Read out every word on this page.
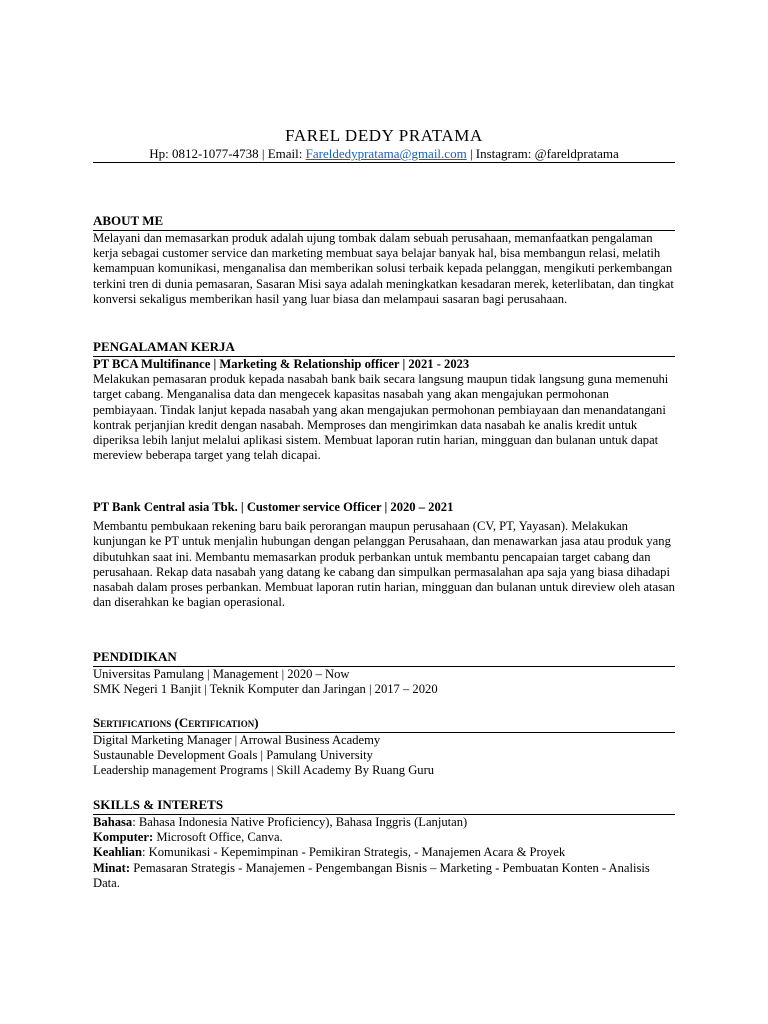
FAREL DEDY PRATAMA
Hp: 0812-1077-4738 | Email: Fareldedypratama@gmail.com | Instagram: @fareldpratama
ABOUT ME
Melayani dan memasarkan produk adalah ujung tombak dalam sebuah perusahaan, memanfaatkan pengalaman kerja sebagai customer service dan marketing membuat saya belajar banyak hal, bisa membangun relasi, melatih kemampuan komunikasi, menganalisa dan memberikan solusi terbaik kepada pelanggan, mengikuti perkembangan terkini tren di dunia pemasaran, Sasaran Misi saya adalah meningkatkan kesadaran merek, keterlibatan, dan tingkat konversi sekaligus memberikan hasil yang luar biasa dan melampaui sasaran bagi perusahaan.
PENGALAMAN KERJA
PT BCA Multifinance | Marketing & Relationship officer | 2021 - 2023
Melakukan pemasaran produk kepada nasabah bank baik secara langsung maupun tidak langsung guna memenuhi target cabang. Menganalisa data dan mengecek kapasitas nasabah yang akan mengajukan permohonan pembiayaan. Tindak lanjut kepada nasabah yang akan mengajukan permohonan pembiayaan dan menandatangani kontrak perjanjian kredit dengan nasabah. Memproses dan mengirimkan data nasabah ke analis kredit untuk diperiksa lebih lanjut melalui aplikasi sistem. Membuat laporan rutin harian, mingguan dan bulanan untuk dapat mereview beberapa target yang telah dicapai.
PT Bank Central asia Tbk. | Customer service Officer | 2020 – 2021
Membantu pembukaan rekening baru baik perorangan maupun perusahaan (CV, PT, Yayasan). Melakukan kunjungan ke PT untuk menjalin hubungan dengan pelanggan Perusahaan, dan menawarkan jasa atau produk yang dibutuhkan saat ini. Membantu memasarkan produk perbankan untuk membantu pencapaian target cabang dan perusahaan. Rekap data nasabah yang datang ke cabang dan simpulkan permasalahan apa saja yang biasa dihadapi nasabah dalam proses perbankan. Membuat laporan rutin harian, mingguan dan bulanan untuk direview oleh atasan dan diserahkan ke bagian operasional.
PENDIDIKAN
Universitas Pamulang | Management | 2020 – Now
SMK Negeri 1 Banjit | Teknik Komputer dan Jaringan | 2017 – 2020
Sertifications (Certification)
Digital Marketing Manager | Arrowal Business Academy
Sustaunable Development Goals | Pamulang University
Leadership management Programs | Skill Academy By Ruang Guru
SKILLS & INTERETS
Bahasa: Bahasa Indonesia Native Proficiency), Bahasa Inggris (Lanjutan)
Komputer: Microsoft Office, Canva.
Keahlian: Komunikasi - Kepemimpinan - Pemikiran Strategis, - Manajemen Acara & Proyek
Minat: Pemasaran Strategis - Manajemen - Pengembangan Bisnis – Marketing - Pembuatan Konten - Analisis Data.
